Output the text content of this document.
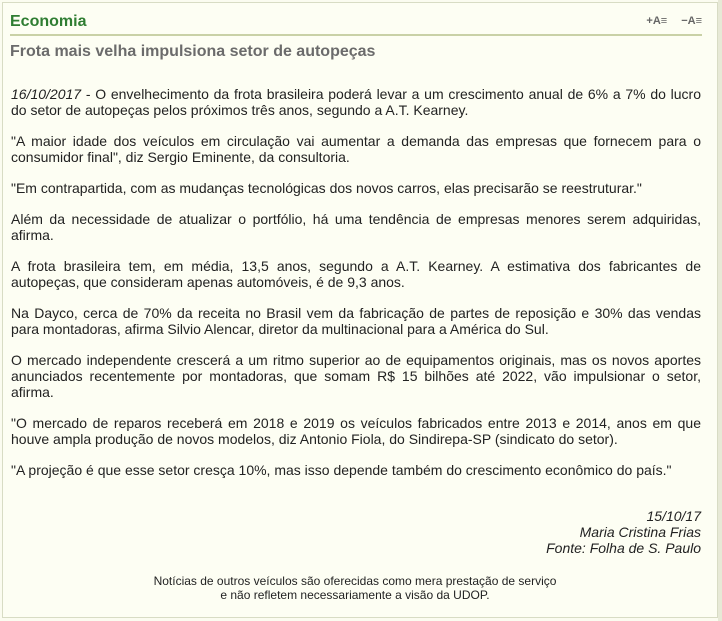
Economia	+A≡ −A≡
Frota mais velha impulsiona setor de autopeças

16/10/2017 - O envelhecimento da frota brasileira poderá levar a um crescimento anual de 6% a 7% do lucro do setor de autopeças pelos próximos três anos, segundo a A.T. Kearney.

"A maior idade dos veículos em circulação vai aumentar a demanda das empresas que fornecem para o consumidor final", diz Sergio Eminente, da consultoria.

"Em contrapartida, com as mudanças tecnológicas dos novos carros, elas precisarão se reestruturar."

Além da necessidade de atualizar o portfólio, há uma tendência de empresas menores serem adquiridas, afirma.

A frota brasileira tem, em média, 13,5 anos, segundo a A.T. Kearney. A estimativa dos fabricantes de autopeças, que consideram apenas automóveis, é de 9,3 anos.

Na Dayco, cerca de 70% da receita no Brasil vem da fabricação de partes de reposição e 30% das vendas para montadoras, afirma Silvio Alencar, diretor da multinacional para a América do Sul.

O mercado independente crescerá a um ritmo superior ao de equipamentos originais, mas os novos aportes anunciados recentemente por montadoras, que somam R$ 15 bilhões até 2022, vão impulsionar o setor, afirma.

"O mercado de reparos receberá em 2018 e 2019 os veículos fabricados entre 2013 e 2014, anos em que houve ampla produção de novos modelos, diz Antonio Fiola, do Sindirepa-SP (sindicato do setor).

"A projeção é que esse setor cresça 10%, mas isso depende também do crescimento econômico do país."

15/10/17
Maria Cristina Frias
Fonte: Folha de S. Paulo
Notícias de outros veículos são oferecidas como mera prestação de serviço
e não refletem necessariamente a visão da UDOP.
